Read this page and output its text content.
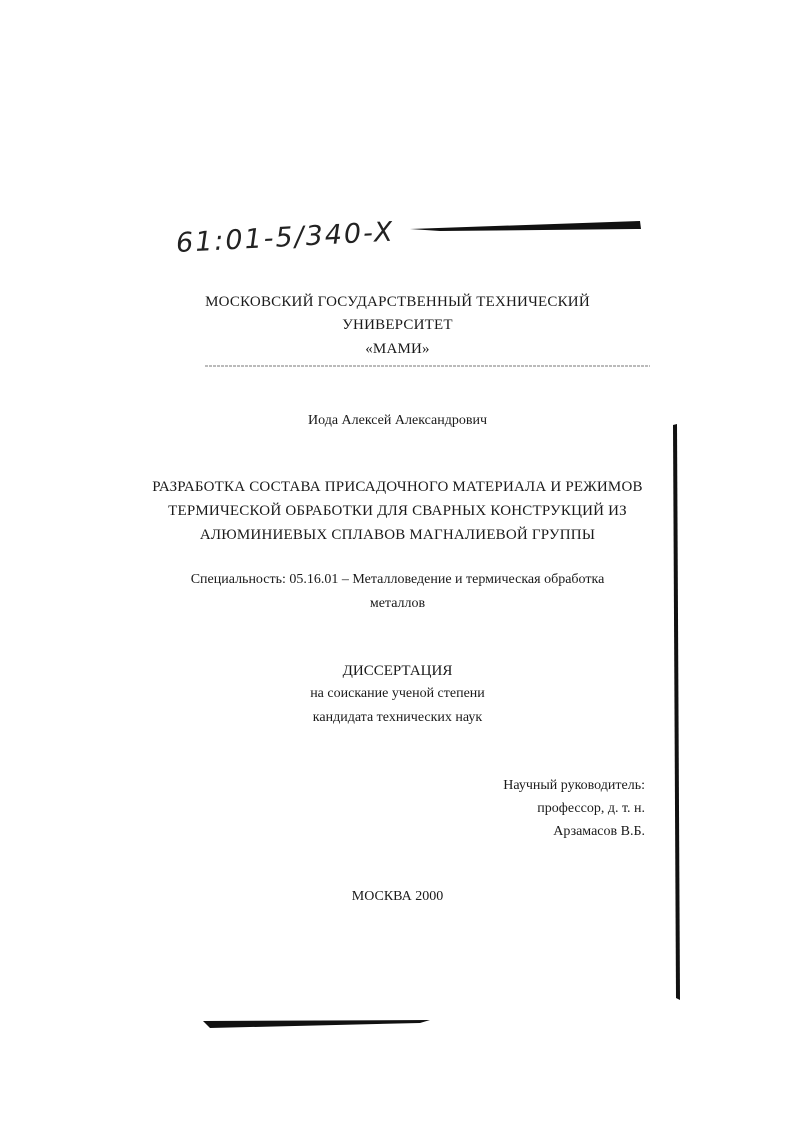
61:01-5/340-X
МОСКОВСКИЙ ГОСУДАРСТВЕННЫЙ ТЕХНИЧЕСКИЙ
УНИВЕРСИТЕТ
«МАМИ»
Иода Алексей Александрович
РАЗРАБОТКА СОСТАВА ПРИСАДОЧНОГО МАТЕРИАЛА И РЕЖИМОВ
ТЕРМИЧЕСКОЙ ОБРАБОТКИ ДЛЯ СВАРНЫХ КОНСТРУКЦИЙ ИЗ
АЛЮМИНИЕВЫХ СПЛАВОВ МАГНАЛИЕВОЙ ГРУППЫ
Специальность: 05.16.01 – Металловедение и термическая обработка
металлов
ДИССЕРТАЦИЯ
на соискание ученой степени
кандидата технических наук
Научный руководитель:
профессор, д. т. н.
Арзамасов В.Б.
МОСКВА 2000
